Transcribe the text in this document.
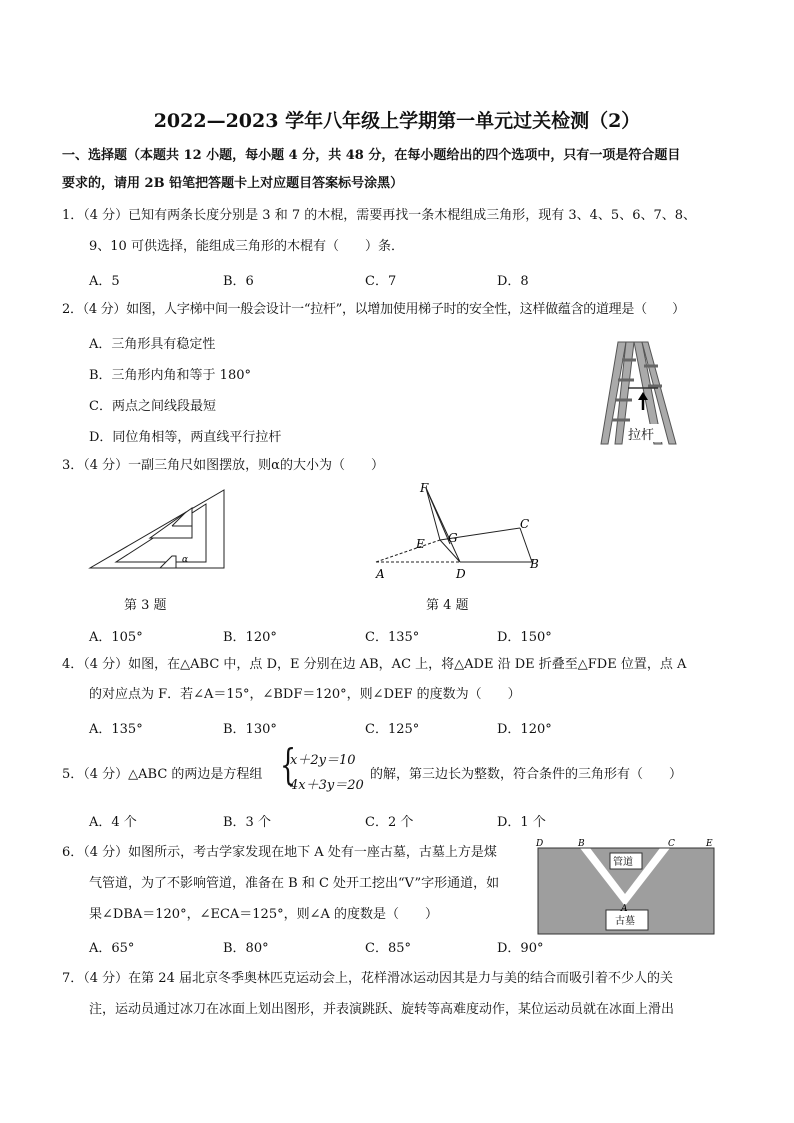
2022—2023 学年八年级上学期第一单元过关检测（2）
一、选择题（本题共 12 小题，每小题 4 分，共 48 分，在每小题给出的四个选项中，只有一项是符合题目
要求的，请用 2B 铅笔把答题卡上对应题目答案标号涂黑）
1．（4 分）已知有两条长度分别是 3 和 7 的木棍，需要再找一条木棍组成三角形，现有 3、4、5、6、7、8、
9、10 可供选择，能组成三角形的木棍有（　　）条．
A．5	B．6	C．7	D．8
2．（4 分）如图，人字梯中间一般会设计一“拉杆”，以增加使用梯子时的安全性，这样做蕴含的道理是（　　）
A．三角形具有稳定性
B．三角形内角和等于 180°
C．两点之间线段最短
D．同位角相等，两直线平行拉杆	拉杆
3．（4 分）一副三角尺如图摆放，则α的大小为（　　）
α
F
E G
C
A	D
B
第 3 题	第 4 题
A．105°	B．120°	C．135°	D．150°
4．（4 分）如图，在△ABC 中，点 D，E 分别在边 AB，AC 上，将△ADE 沿 DE 折叠至△FDE 位置，点 A
的对应点为 F．若∠A＝15°，∠BDF＝120°，则∠DEF 的度数为（　　）
A．135°	B．130°	C．125°	D．120°
5．（4 分）△ABC 的两边是方程组 {
x＋2y＝10
4x＋3y＝20
的解，第三边长为整数，符合条件的三角形有（　　）
A．4 个	B．3 个	C．2 个	D．1 个
6．（4 分）如图所示，考古学家发现在地下 A 处有一座古墓，古墓上方是煤
气管道，为了不影响管道，准备在 B 和 C 处开工挖出“V”字形通道，如
果∠DBA＝120°，∠ECA＝125°，则∠A 的度数是（　　）
A．65°	B．80°	C．85°	D．90°
管道
古墓
D	B	C	E
A
7．（4 分）在第 24 届北京冬季奥林匹克运动会上，花样滑冰运动因其是力与美的结合而吸引着不少人的关
注，运动员通过冰刀在冰面上划出图形，并表演跳跃、旋转等高难度动作，某位运动员就在冰面上滑出
